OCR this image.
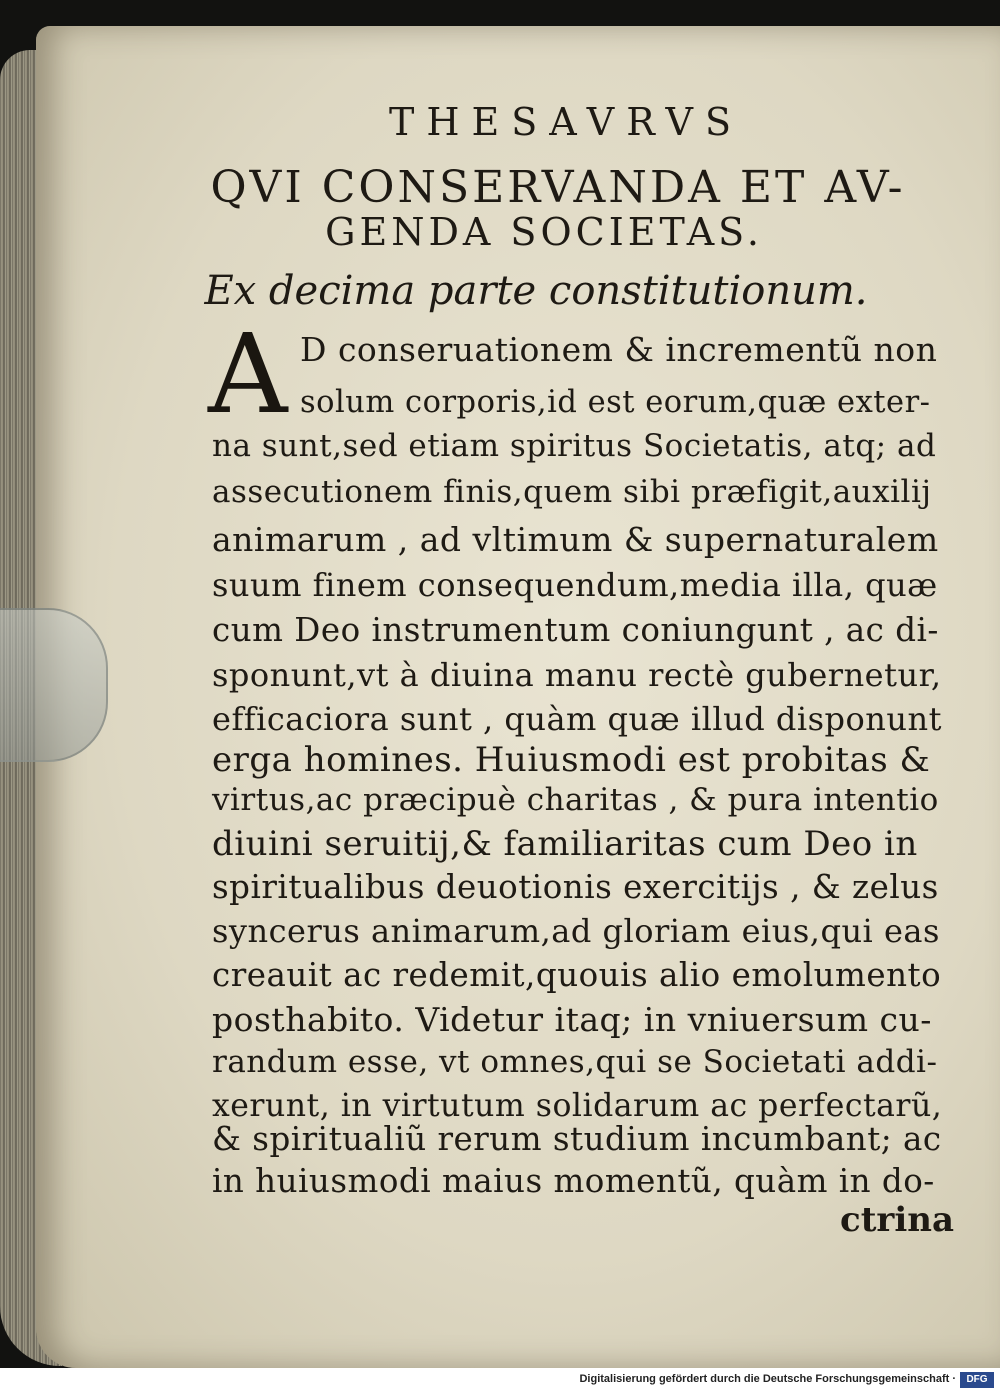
THESAVRVS
QVI CONSERVANDA ET AV-
GENDA SOCIETAS.
Ex decima parte constitutionum.
A D conseruationem & incrementũ non
solum corporis,id est eorum,quæ exter-
na sunt,sed etiam spiritus Societatis, atq; ad
assecutionem finis,quem sibi præfigit,auxilij
animarum , ad vltimum & supernaturalem
suum finem consequendum,media illa, quæ
cum Deo instrumentum coniungunt , ac di-
sponunt,vt à diuina manu rectè gubernetur,
efficaciora sunt , quàm quæ illud disponunt
erga homines. Huiusmodi est probitas &
virtus,ac præcipuè charitas , & pura intentio
diuini seruitij,& familiaritas cum Deo in
spiritualibus deuotionis exercitijs , & zelus
syncerus animarum,ad gloriam eius,qui eas
creauit ac redemit,quouis alio emolumento
posthabito. Videtur itaq; in vniuersum cu-
randum esse, vt omnes,qui se Societati addi-
xerunt, in virtutum solidarum ac perfectarũ,
& spiritualiũ rerum studium incumbant; ac
in huiusmodi maius momentũ, quàm in do-
ctrina
Digitalisierung gefördert durch die Deutsche Forschungsgemeinschaft ·	DFG
